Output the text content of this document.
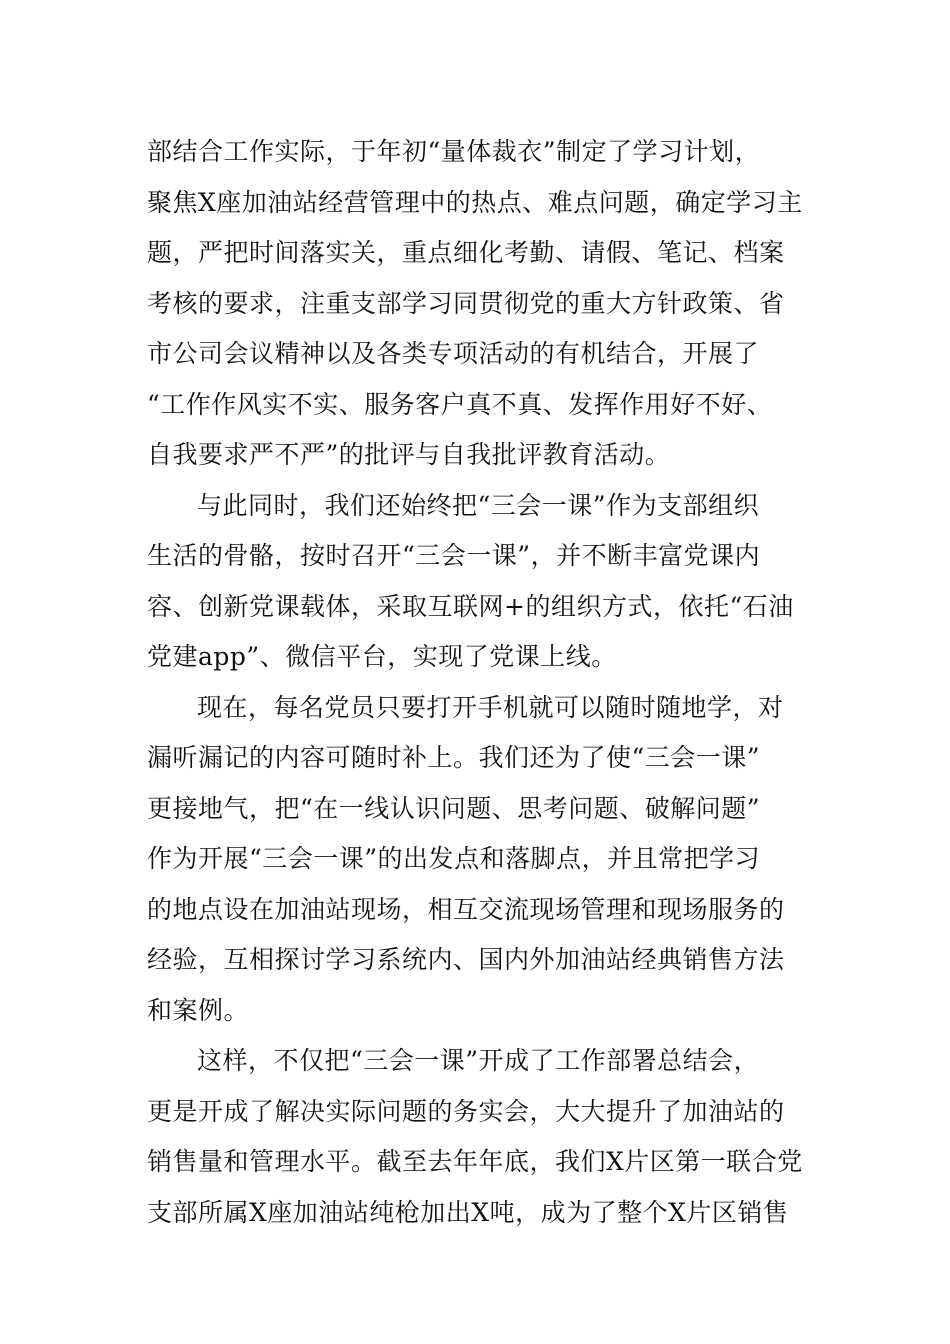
部结合工作实际，于年初“量体裁衣”制定了学习计划，
聚焦X座加油站经营管理中的热点、难点问题，确定学习主
题，严把时间落实关，重点细化考勤、请假、笔记、档案
考核的要求，注重支部学习同贯彻党的重大方针政策、省
市公司会议精神以及各类专项活动的有机结合，开展了
“工作作风实不实、服务客户真不真、发挥作用好不好、
自我要求严不严”的批评与自我批评教育活动。
与此同时，我们还始终把“三会一课”作为支部组织
生活的骨骼，按时召开“三会一课”，并不断丰富党课内
容、创新党课载体，采取互联网+的组织方式，依托“石油
党建app”、微信平台，实现了党课上线。
现在，每名党员只要打开手机就可以随时随地学，对
漏听漏记的内容可随时补上。我们还为了使“三会一课”
更接地气，把“在一线认识问题、思考问题、破解问题”
作为开展“三会一课”的出发点和落脚点，并且常把学习
的地点设在加油站现场，相互交流现场管理和现场服务的
经验，互相探讨学习系统内、国内外加油站经典销售方法
和案例。
这样，不仅把“三会一课”开成了工作部署总结会，
更是开成了解决实际问题的务实会，大大提升了加油站的
销售量和管理水平。截至去年年底，我们X片区第一联合党
支部所属X座加油站纯枪加出X吨，成为了整个X片区销售
